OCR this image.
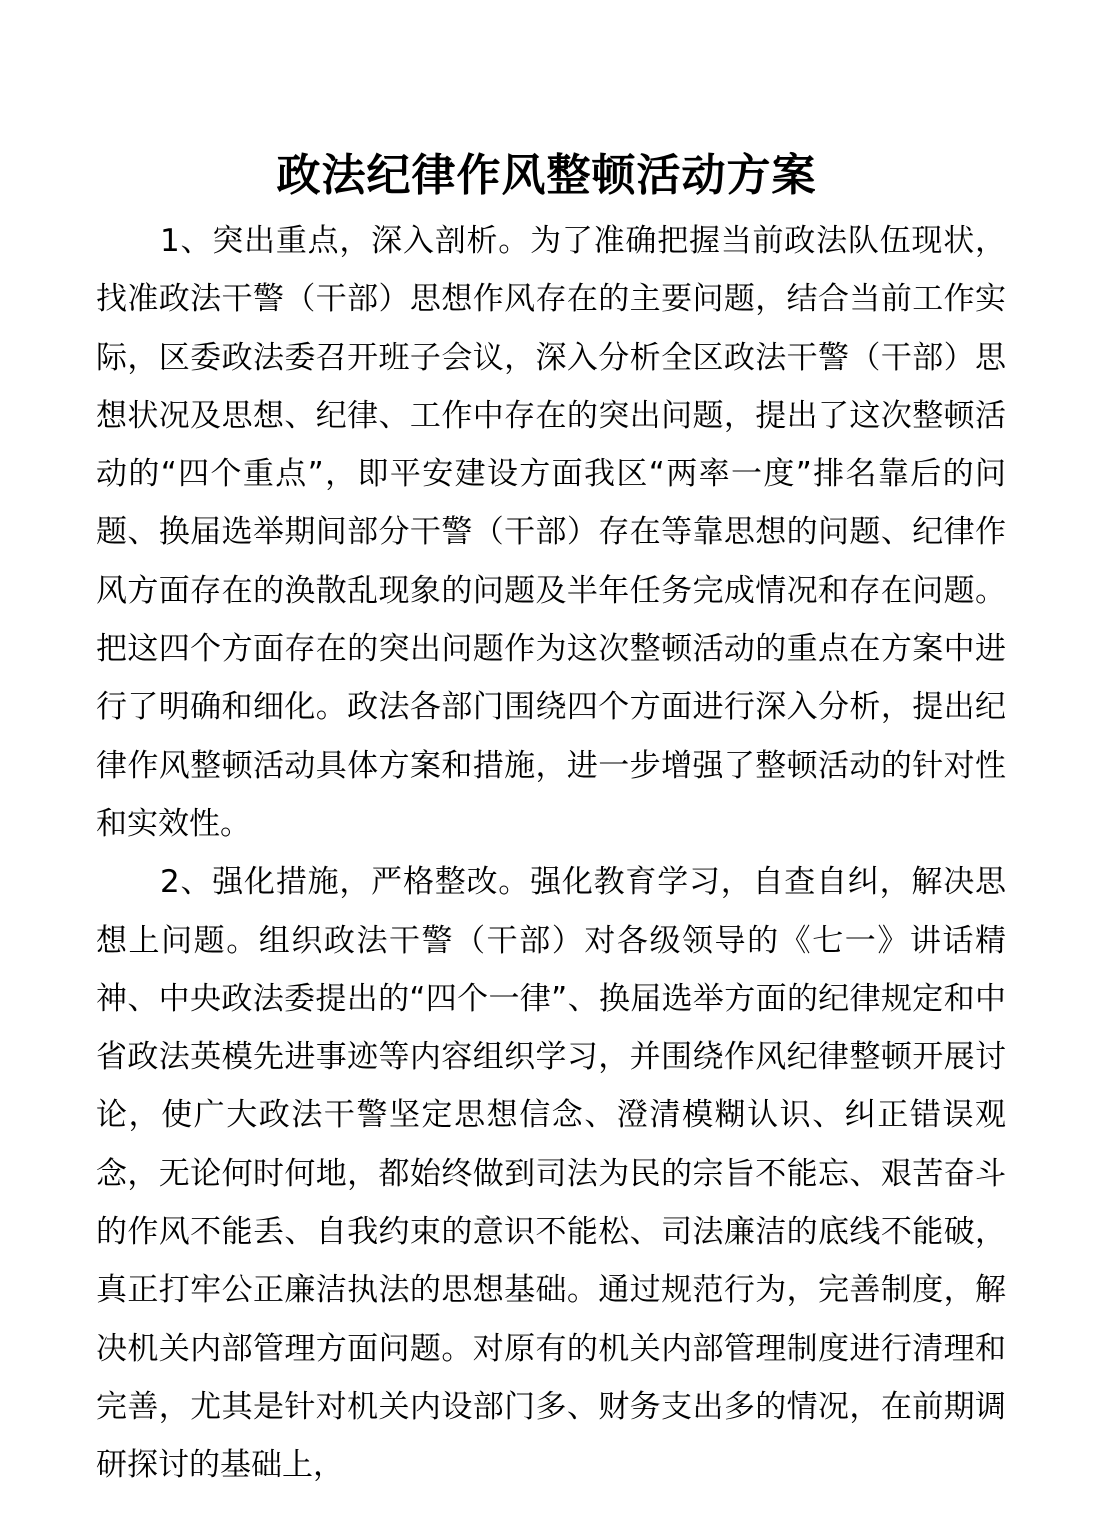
政法纪律作风整顿活动方案

1、突出重点，深入剖析。为了准确把握当前政法队伍现状，找准政法干警（干部）思想作风存在的主要问题，结合当前工作实际，区委政法委召开班子会议，深入分析全区政法干警（干部）思想状况及思想、纪律、工作中存在的突出问题，提出了这次整顿活动的“四个重点”，即平安建设方面我区“两率一度”排名靠后的问题、换届选举期间部分干警（干部）存在等靠思想的问题、纪律作风方面存在的涣散乱现象的问题及半年任务完成情况和存在问题。把这四个方面存在的突出问题作为这次整顿活动的重点在方案中进行了明确和细化。政法各部门围绕四个方面进行深入分析，提出纪律作风整顿活动具体方案和措施，进一步增强了整顿活动的针对性和实效性。

2、强化措施，严格整改。强化教育学习，自查自纠，解决思想上问题。组织政法干警（干部）对各级领导的《七一》讲话精神、中央政法委提出的“四个一律”、换届选举方面的纪律规定和中省政法英模先进事迹等内容组织学习，并围绕作风纪律整顿开展讨论，使广大政法干警坚定思想信念、澄清模糊认识、纠正错误观念，无论何时何地，都始终做到司法为民的宗旨不能忘、艰苦奋斗的作风不能丢、自我约束的意识不能松、司法廉洁的底线不能破，真正打牢公正廉洁执法的思想基础。通过规范行为，完善制度，解决机关内部管理方面问题。对原有的机关内部管理制度进行清理和完善，尤其是针对机关内设部门多、财务支出多的情况，在前期调研探讨的基础上，
